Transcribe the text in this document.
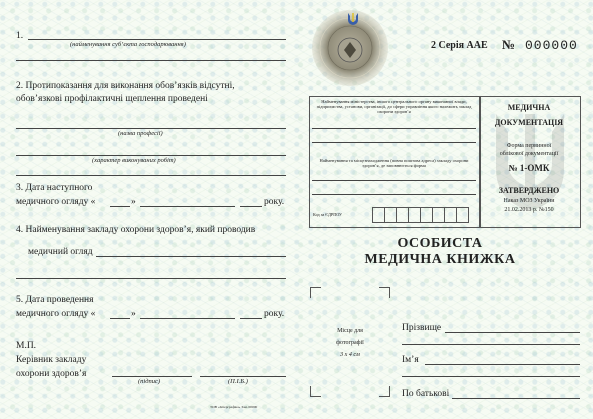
1.
(найменування суб’єкта господарювання)
2. Протипоказання для виконання обов’язків відсутні,
обов’язкові профілактичні щеплення проведені
(назва професії)
(характер виконуваних робіт)
3. Дата наступного
медичного огляду «	»	року.
4. Найменування закладу охорони здоров’я, який проводив
медичний огляд
5. Дата проведення
медичного огляду «	»	року.
М.П.
Керівник закладу
охорони здоров’я
(підпис)	(П.І.Б.)
ТОВ «Інтерграфіка» Зам. 00000
2 Серія ААЕ № 000000
Найменування міністерства, іншого центрального органу виконавчої влади, підприємства, установи, організації, до сфери управління якого належить заклад охорони здоров’я
Найменування та місцезнаходження (повна поштова адреса) закладу охорони здоров’я, де заповнюється форма
Код за ЄДРПОУ
МЕДИЧНА
ДОКУМЕНТАЦІЯ
Форма первинної
облікової документації
№ 1-ОМК
ЗАТВЕРДЖЕНО
Наказ МОЗ України
21.02.2013 р. №150
ОСОБИСТА
МЕДИЧНА КНИЖКА
Місце для
фотографії
3 х 4 см
Прізвище
Ім’я
По батькові
